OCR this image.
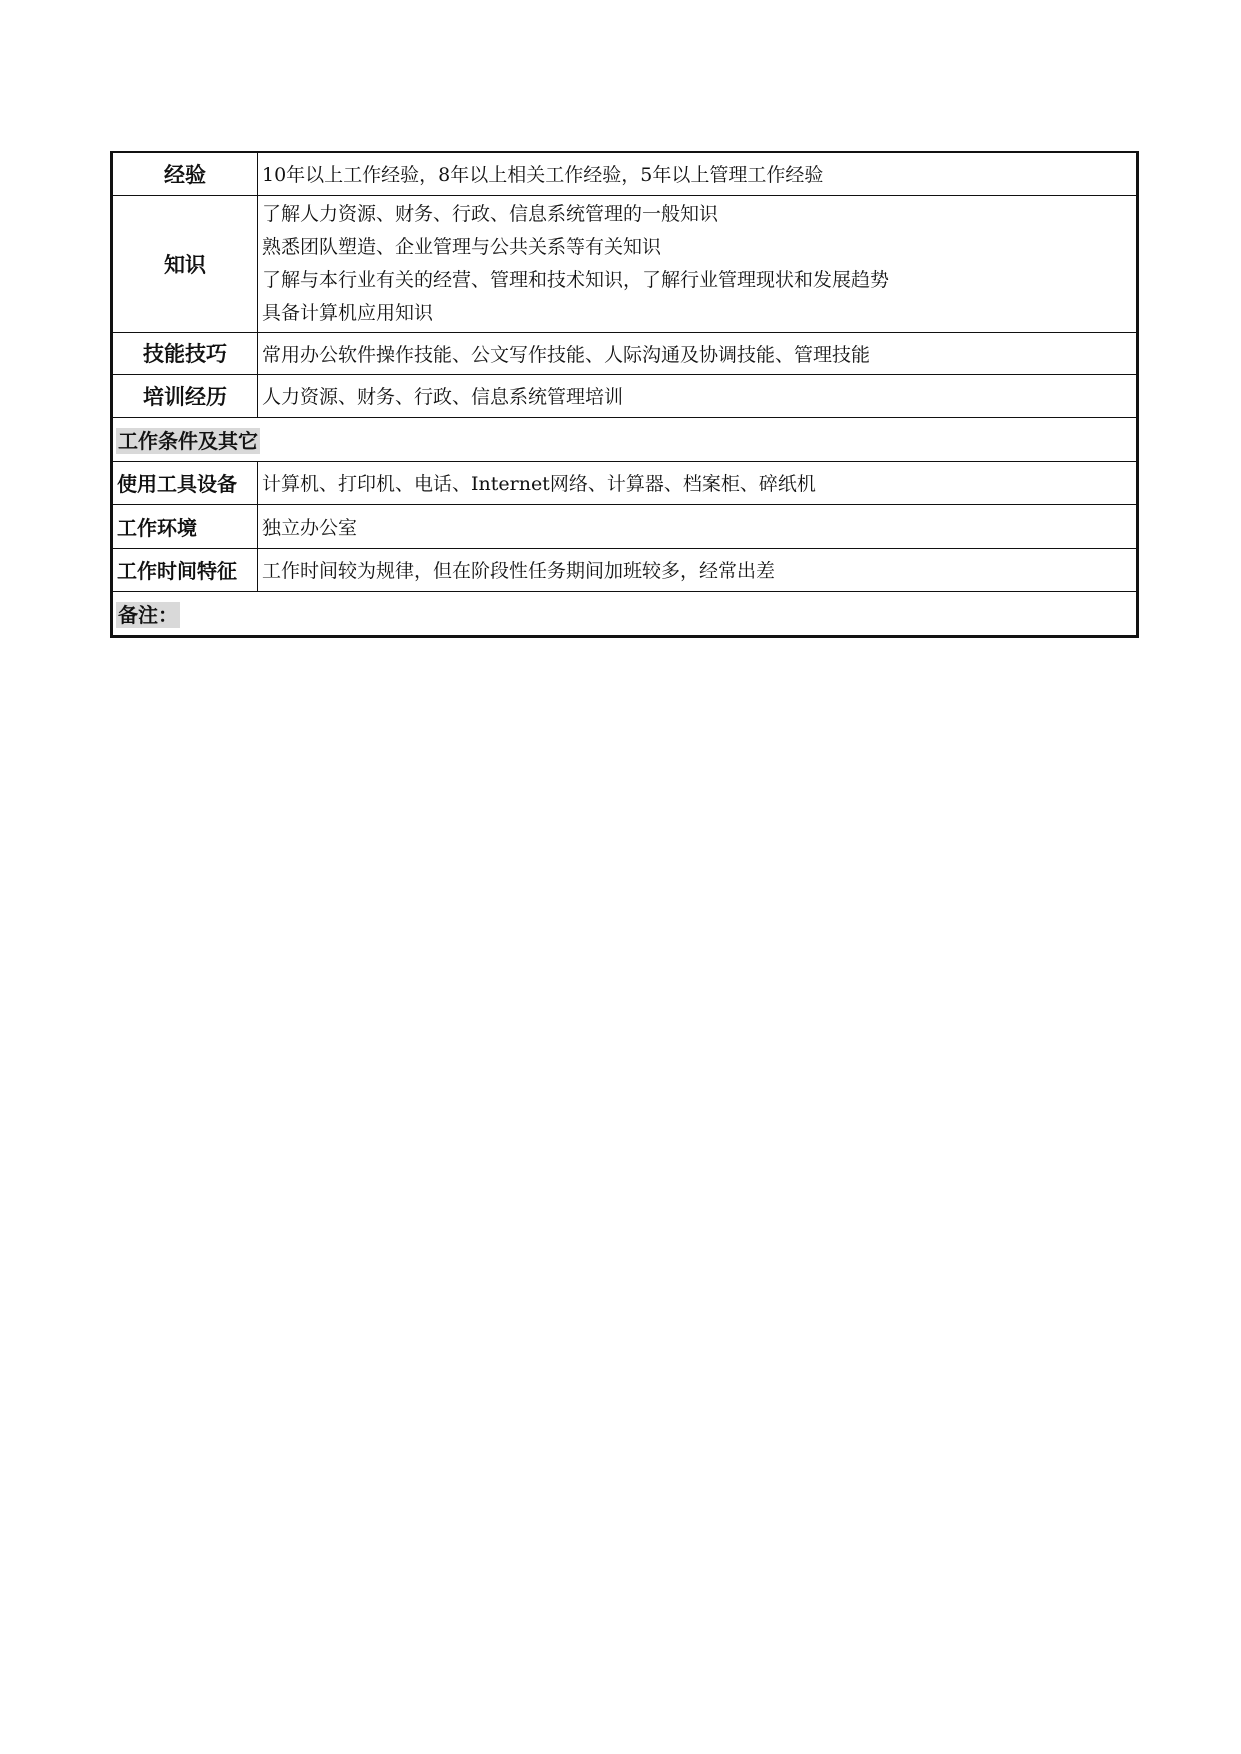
经验	10年以上工作经验，8年以上相关工作经验，5年以上管理工作经验
知识	了解人力资源、财务、行政、信息系统管理的一般知识
熟悉团队塑造、企业管理与公共关系等有关知识
了解与本行业有关的经营、管理和技术知识，了解行业管理现状和发展趋势
具备计算机应用知识

技能技巧	常用办公软件操作技能、公文写作技能、人际沟通及协调技能、管理技能
培训经历	人力资源、财务、行政、信息系统管理培训
工作条件及其它	
使用工具设备	计算机、打印机、电话、Internet网络、计算器、档案柜、碎纸机
工作环境	独立办公室
工作时间特征	工作时间较为规律，但在阶段性任务期间加班较多，经常出差
备注：	
